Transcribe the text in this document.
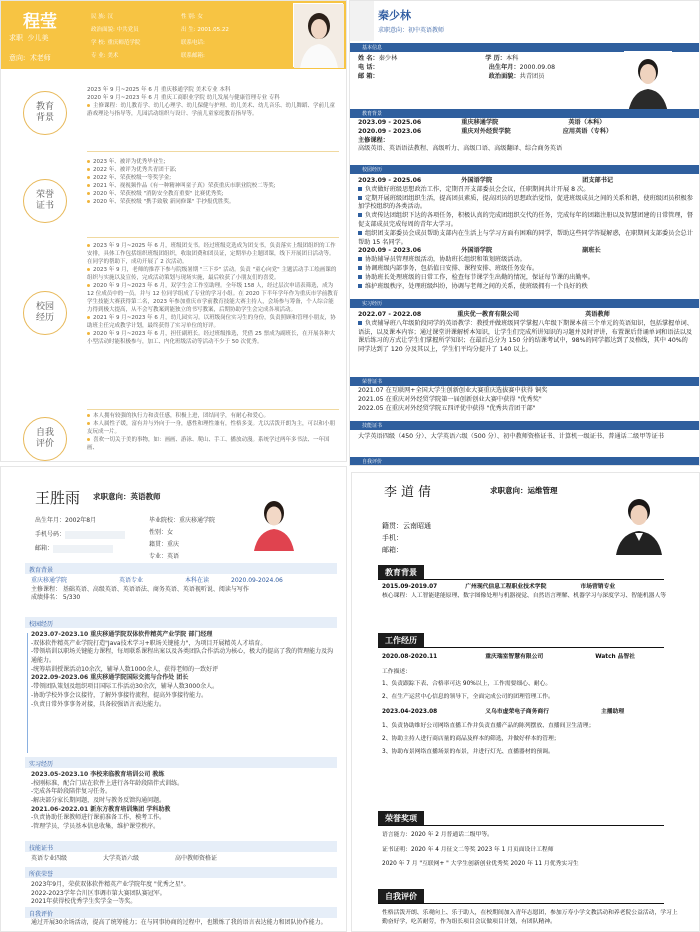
程莹
求职 少儿美
意向: 术老师
民 族: 汉	性 别: 女
政治面貌: 中共党员	出 生: 2001.05.22
学 校: 重庆师范学院	联系电话:
专 业: 美术	联系邮箱:
教育背景
2023 年 9 月~2025 年 6 月 重庆移通学院 美术专业 本科
2020 年 9 月~2023 年 6 月 重庆工商职业学院 幼儿发展与健康管理专业 专科
主修课程：幼儿教育学、幼儿心理学、幼儿保健与护理、幼儿美术、幼儿音乐、幼儿舞蹈、学前儿童游戏理论与指导等，儿园活动组织与设计、学前儿童家庭教育指导等。
荣誉证书
2023 年、被评为优秀毕业生;
2022 年、被评为优秀共青团干部;
2022 年、荣获校级一等奖学金;
2021 年、视视频作品《有一种精神叫童子真》荣获重庆市职业院校二等奖;
2020 年、荣获校级 "消防安全教育重要" 比赛优秀奖;
2020 年、荣获校级 "携手致敬 新同修课" 手抄报优胜奖。
校园经历
2023 年 9 月~2025 年 6 月，班级团支书。经过班级竞选成为团支书，负责落实上级团组织的工作安排，具体工作包括组织班级团组织，收取团费和团员证，定期举办主题团课，线下开展团日活动等。在同学的帮助下，成功开展了 2 次活动。
2023 年 9 月，老师的推荐下参与院级暑期 "三下乡" 活动。负责 "童心向党" 主题活动手工绘画课的组织与实施以及宣传，完成活动策划与现场实施，最后收获了小朋友们的喜爱。
2020 年 9 月~2023 年 6 月，双学生会工作室助理。全年级 158 人，经过层次申请表筛选，成为 12 位成员中的一员。并与 12 位同学组成了专业的学习小组。在 2020 下半年学年作为重庆市学前教育学生技能大赛获得第二名，2023 年参加重庆市学前教育技能大赛主持人，会场参与筹备，个人综合能力得到极大提高，从不会写教案到能独立的书写教案，后期协助学生会完成各项活动。
2021 年 9 月~2023 年 6 月，幼儿园实习。以班级岗位实习生的身份，负责照顾和管理小朋友，协助班主任完成教学计划，最终获得了实习单位的好评。
2020 年 9 月~2023 年 6 月，担任副班长。经过班级推选，凭借 25 票成为副班长，在开展各种大小型活动时能积极参与，加工、内化班级活动等活动不少于 50 次优秀。
自我评价
本人拥有较强的执行力和责任感，积极上进，团结同学，有耐心和爱心。
本人属性子缓，富有并与外向于一身，感性和理性兼有，性格多变。尤以活泼开朗为主，可以和小朋友玩成一片。
喜欢一切关于美的事物，如：画画、游泳、爬山、手工、播放动漫。系统学过两年多书法、一年国画、
秦少林
求职意向：初中英语教师
基本信息
姓 名：秦少林	学 历：本科
电 话：	出生年月：2000.09.08
邮 箱：	政治面貌：共青团员
教育背景
2023.09 - 2025.06	重庆移通学院	英语（本科）
2020.09 - 2023.06	重庆对外经贸学院	应用英语（专科）
主修课程：
高级英语、英语语法教程、高级听力、高级口语、高级翻译、综合商务英语
校园经历
2023.09 - 2025.06	外国语学院	团支部书记
负责做好班级思想政治工作，定期召开支部委员会会议，任职期间共计开展 8 次。
定期开展班级团组织生活，提高团员素质，提高团员的思想政治觉悟，促进班级成员之间的关系和谐，使班级团员积极参加学校组织的各类活动。
负责传达团组织下达的各项任务，积极认真的完成团组织交代的任务，完成每年的团籍注册以及智慧团建的日常管理，督促支部成员完成每周的青年大学习。
组织团支部委员会成员帮助支部内在生活上与学习方面有困难的同学，帮助这些同学答疑解惑，在职期间支部委员会总计帮助 15 名同学。
2020.09 - 2023.06	外国语学院	副班长
协助辅导员管理班级活动，协助班长组织和策划班级活动。
协调班级内部事务，包括值日安排、课程安排、班级任务发布。
协助班长处理班级的日常工作，检查每节课学生出勤的情况，保证每节课的出勤率。
维护班级秩序，处理班级纠纷，协调与老师之间的关系，使班级拥有一个良好的秩
实习经历
2022.07 - 2022.08	重庆优一教育有限公司	英语教师
负责辅导班八年级阶段同学的英语教学：教授并做班级同学掌握八年级下期课本前三个单元的英语知识，包括掌握单词、语法，以及课本内容；通过课堂讲课解析本知识，让学生们完成所讲知识的习题并及时评讲，布置课后背诵单词和语法以及课后练习的方式让学生们掌握所学知识；在最后总分为 150 分的结课考试中，98%的同学都达到了及格线，其中 40%的同学达到了 120 分及其以上，学生们平均分提升了 140 以上。
荣誉证书
2021.07 在互联网+全国大学生创新创业大赛重庆选拔赛中获得 铜奖
2021.05 在重庆对外经贸学院第一届创新创业大赛中获得 "优秀奖"
2022.05 在重庆对外经贸学院五四评优中获得 "优秀共青团干部"
技能证书
大学英语四级（450 分）、大学英语六级（500 分）、初中教师资格证书、计算机一级证书、普通话二级甲等证书
自我评价
王胜雨 求职意向：英语教师
出生年月：2002年8月
手机号码：
邮箱：
毕业院校：重庆移通学院
性别：女
籍贯：重庆
专业：英语
教育背景
重庆移通学院	英语专业	本科在读	2020.09-2024.06
主修课程： 基础英语、高级英语、英语语法、商务英语、英语视听说、阅读与写作
成绩排名： 5/330
校园经历
2023.07-2023.10 重庆移通学院双体软件精英产业学院 部门经理
-双体软件精英产业学院打造"Java技术学习+职场关键能力"，为项目开展精英人才培育。
-带领培训以职场关键能力课程，每周联系课程出案以及各类团队合作活动为核心，极大的提高了我的管理能力及沟通能力。
-统筹培训授课活动10余次，辅导人数1000余人，获得老师的一致好评
2022.09-2023.06 重庆移通学院国际交流与合作处 团长
-带领团队策划及组织项目国际工作活动30余次，辅导人数3000余人。
-协助学校外事会议接待，了解外事接待流程，提高外事接待能力。
-负责日常外事事务对接，具备较强语言表达能力。
实习经历
2023.05-2023.10 李校来临教育培训公司 教练
-按刚标准，配合门店在软件上进行各年龄段陪伴式训练。
-完成各年龄段陪伴复习任务。
-解决部分家长期问题，及时与教务反馈沟通问题。
2021.06-2022.01 新东方教育培训集团 学科助教
-负责协助任课教师进行课前准备工作，模考工作。
-管理学员，学员基本信息收集，维护课堂秩序。
技能证书
英语专业四级	大学英语六级	高中教师资格证
所获荣誉
2023年9月，荣获双体软件精英产业学院年度 "优秀之星"。
2022-2023学年合川区事调市第大赛团队赛冠军。
2021年获得校优秀学生奖学金一等奖。
自我评价
通过开展30余场活动，提高了统筹能力；在与同事协商的过程中，也锻炼了我的语言表达能力和团队协作能力。
李道倩	求职意向：运维管理
籍贯：云南昭通
手机：
邮箱：
教育背景
2015.09-2019.07	广州现代信息工程职业技术学院	市场营销专业
核心课程：人工智能建能原理、数字图像处理与机器视觉、自然语言理解、机器学习与深度学习、智能机器人等
工作经历
2020.08-2020.11	重庆瑞室智慧有限公司	Watch 品智社
工作描述：
1、负责跟踪下表、合格率可达 90%以上，工作需要细心、耐心。
2、在生产运营中心信息的领导下，全面完成公司的团理管理工作。
2023.04-2023.08	义乌市虚荣电子商务商行	主播助理
1、负责协助维好公司网络直播工作并负责直播产品的陈列摆放、直播间卫生清理；
2、协助主持人进行商店量的商品及样本的筛选，并做好样本的管理；
3、协助布景网络直播场景的布景，并进行灯光、直播器材的预调。
荣誉奖项
语言能力：2020 年 2 月普通话二级甲等。
证书证明：2020 年 4 月征文二等奖 2023 年 1 月页面设计工程师
2020 年 7 月 "互联网+ " 大学生创新创业优秀奖 2020 年 11 月优秀实习生
自我评价
性格活泼开朗、乐观向上、乐于助人，在校期间加入青年志愿团，参加万寿小学文教活动和养老院公益活动，学习上勤奋好学，吃苦耐劳，作为组长项目会议做项目计划，有团队精神。
